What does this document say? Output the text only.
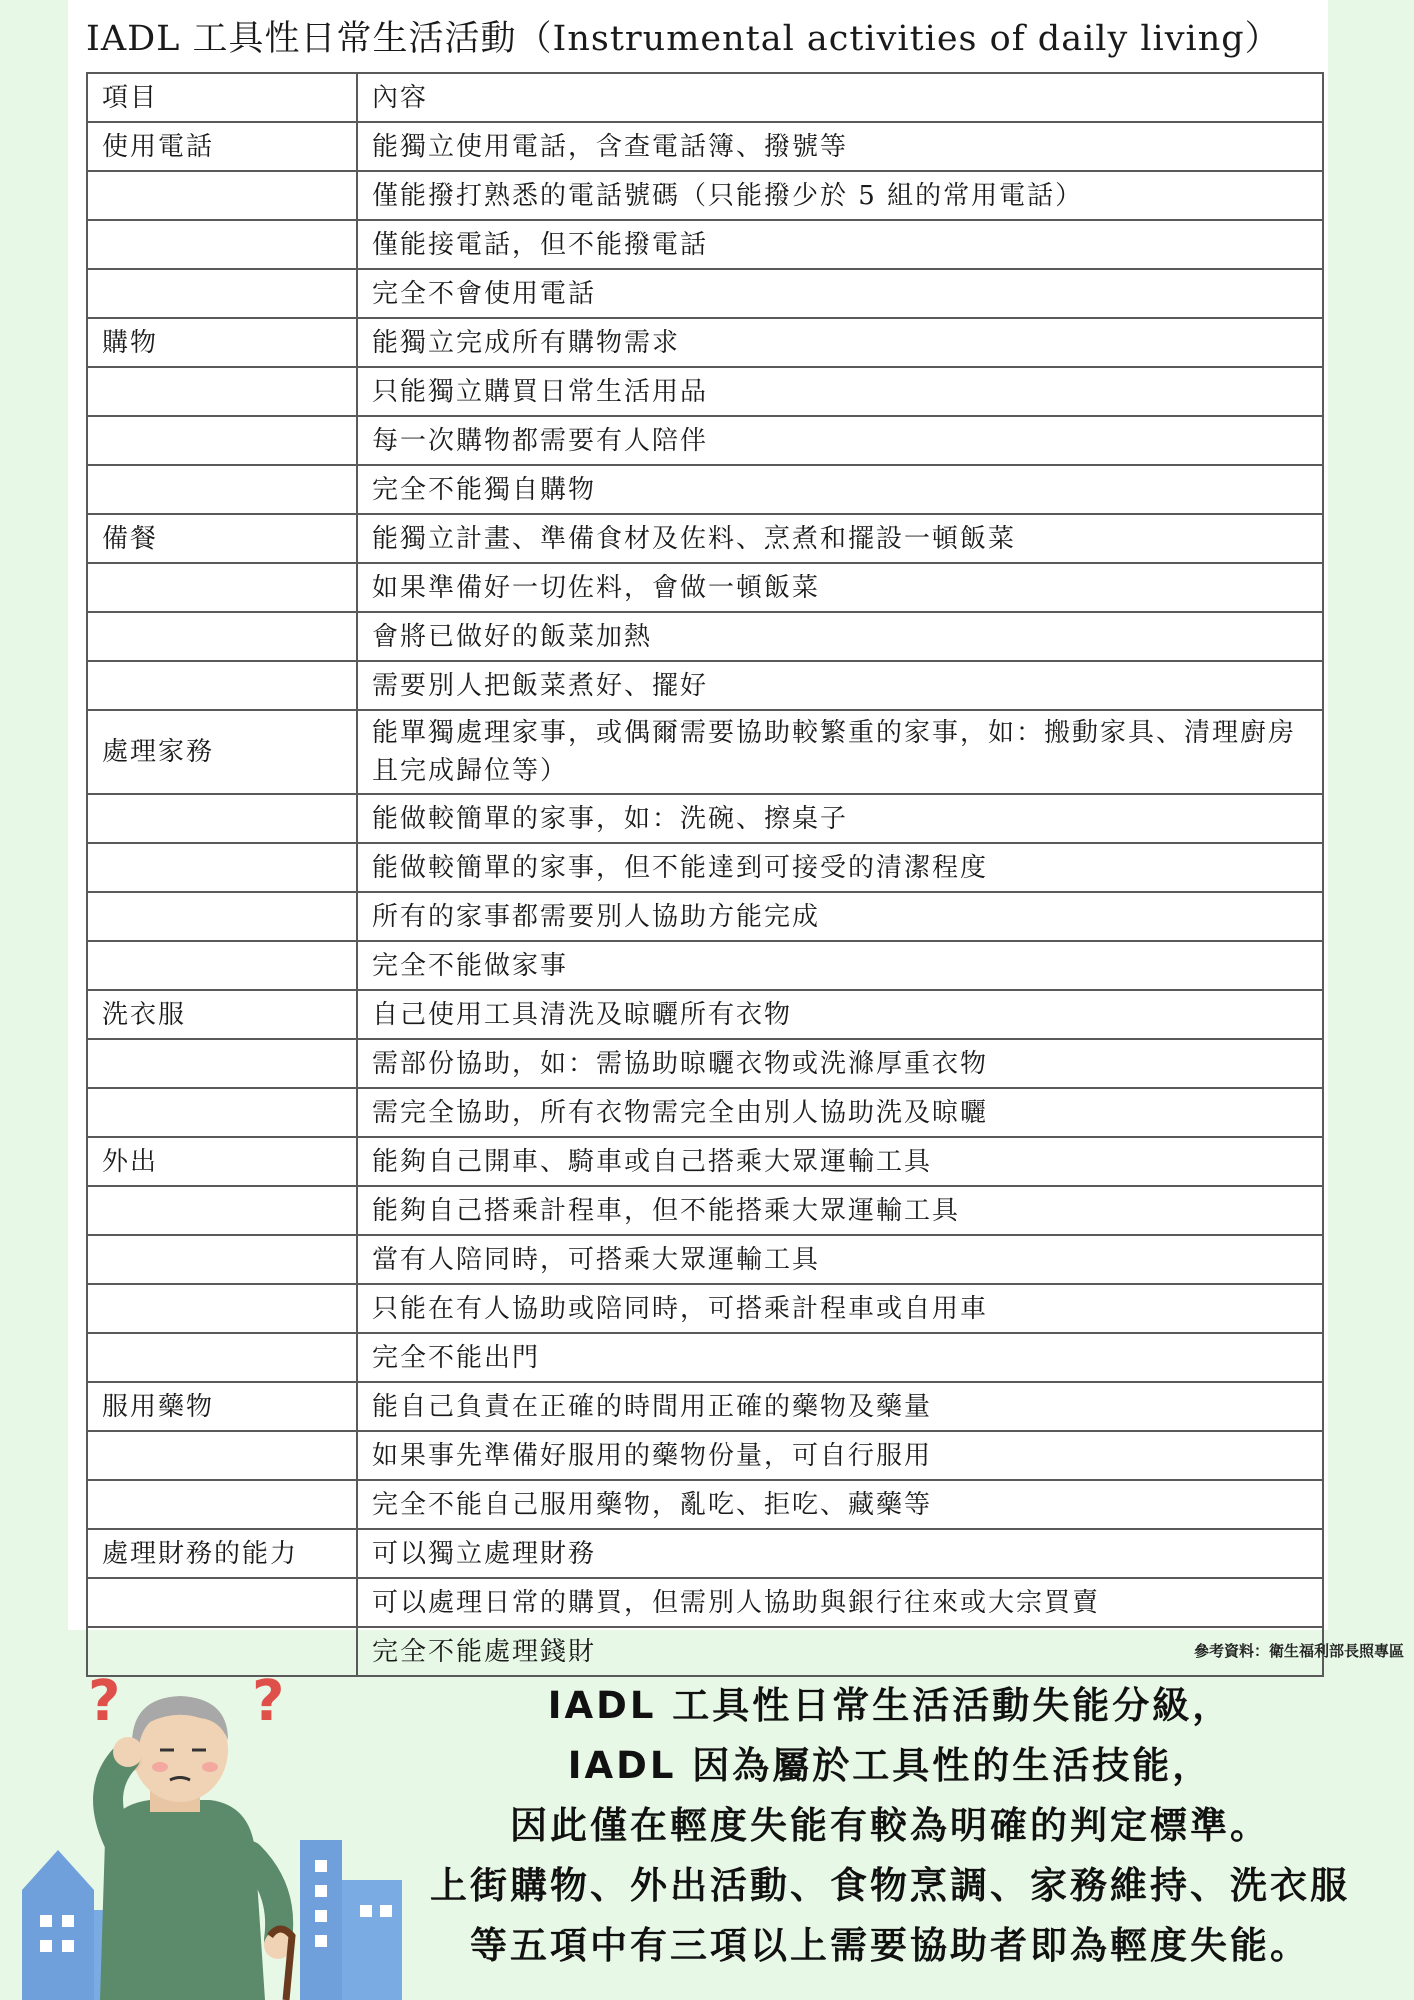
IADL 工具性日常生活活動（Instrumental activities of daily living）
項目	內容
使用電話	能獨立使用電話，含查電話簿、撥號等
	僅能撥打熟悉的電話號碼（只能撥少於 5 組的常用電話）
	僅能接電話，但不能撥電話
	完全不會使用電話
購物	能獨立完成所有購物需求
	只能獨立購買日常生活用品
	每一次購物都需要有人陪伴
	完全不能獨自購物
備餐	能獨立計畫、準備食材及佐料、烹煮和擺設一頓飯菜
	如果準備好一切佐料，會做一頓飯菜
	會將已做好的飯菜加熱
	需要別人把飯菜煮好、擺好
處理家務	能單獨處理家事，或偶爾需要協助較繁重的家事，如：搬動家具、清理廚房且完成歸位等）
	能做較簡單的家事，如：洗碗、擦桌子
	能做較簡單的家事，但不能達到可接受的清潔程度
	所有的家事都需要別人協助方能完成
	完全不能做家事
洗衣服	自己使用工具清洗及晾曬所有衣物
	需部份協助，如：需協助晾曬衣物或洗滌厚重衣物
	需完全協助，所有衣物需完全由別人協助洗及晾曬
外出	能夠自己開車、騎車或自己搭乘大眾運輸工具
	能夠自己搭乘計程車，但不能搭乘大眾運輸工具
	當有人陪同時，可搭乘大眾運輸工具
	只能在有人協助或陪同時，可搭乘計程車或自用車
	完全不能出門
服用藥物	能自己負責在正確的時間用正確的藥物及藥量
	如果事先準備好服用的藥物份量，可自行服用
	完全不能自己服用藥物，亂吃、拒吃、藏藥等
處理財務的能力	可以獨立處理財務
	可以處理日常的購買，但需別人協助與銀行往來或大宗買賣
	完全不能處理錢財	參考資料：衛生福利部長照專區
IADL 工具性日常生活活動失能分級，
IADL 因為屬於工具性的生活技能，
因此僅在輕度失能有較為明確的判定標準。
上街購物、外出活動、食物烹調、家務維持、洗衣服
等五項中有三項以上需要協助者即為輕度失能。
? ?
